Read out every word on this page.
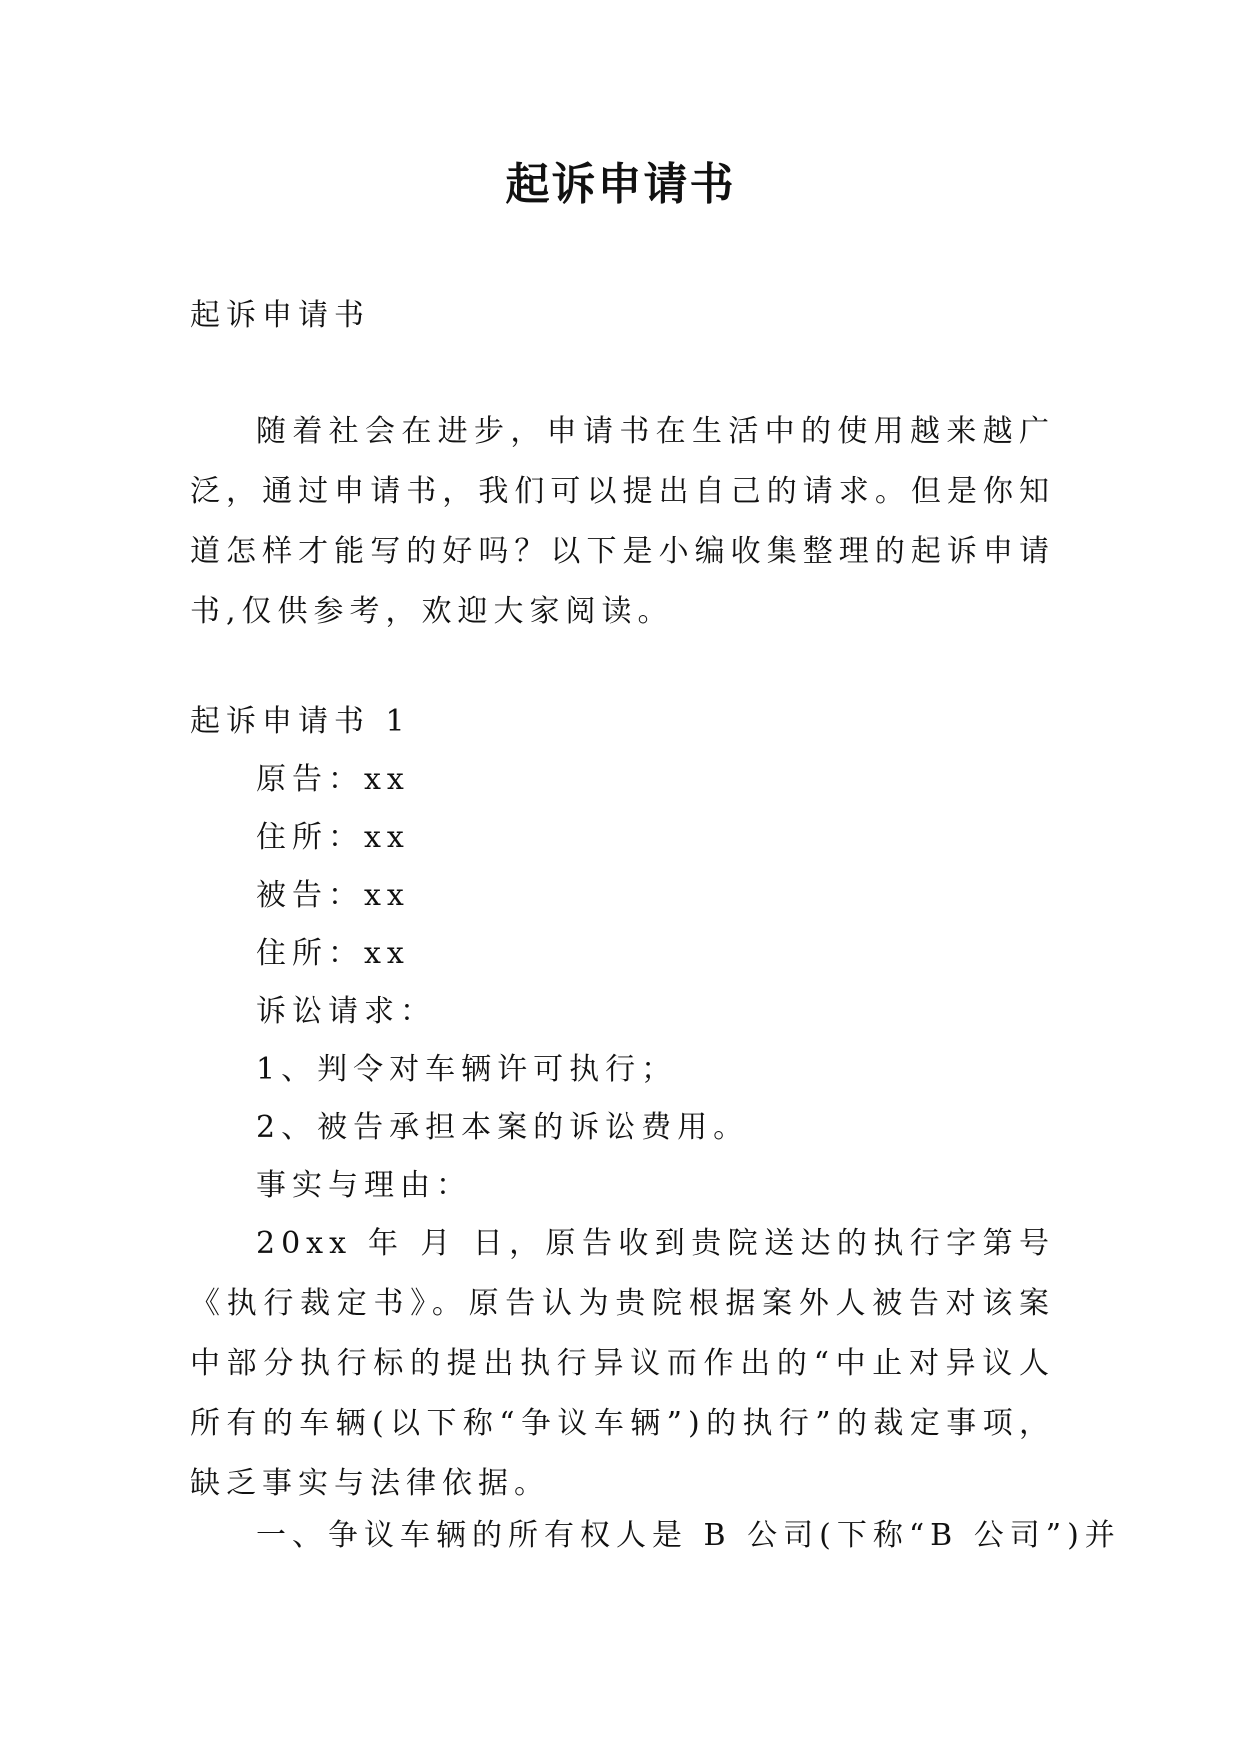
起诉申请书
起诉申请书
随着社会在进步，申请书在生活中的使用越来越广泛，通过申请书，我们可以提出自己的请求。但是你知道怎样才能写的好吗？以下是小编收集整理的起诉申请书,仅供参考，欢迎大家阅读。
起诉申请书 1
原告：xx
住所：xx
被告：xx
住所：xx
诉讼请求：
1、判令对车辆许可执行；
2、被告承担本案的诉讼费用。
事实与理由：
20xx 年 月 日，原告收到贵院送达的执行字第号《执行裁定书》。原告认为贵院根据案外人被告对该案中部分执行标的提出执行异议而作出的“中止对异议人所有的车辆(以下称“争议车辆”)的执行”的裁定事项，缺乏事实与法律依据。
一、争议车辆的所有权人是 B 公司(下称“B 公司”)并
